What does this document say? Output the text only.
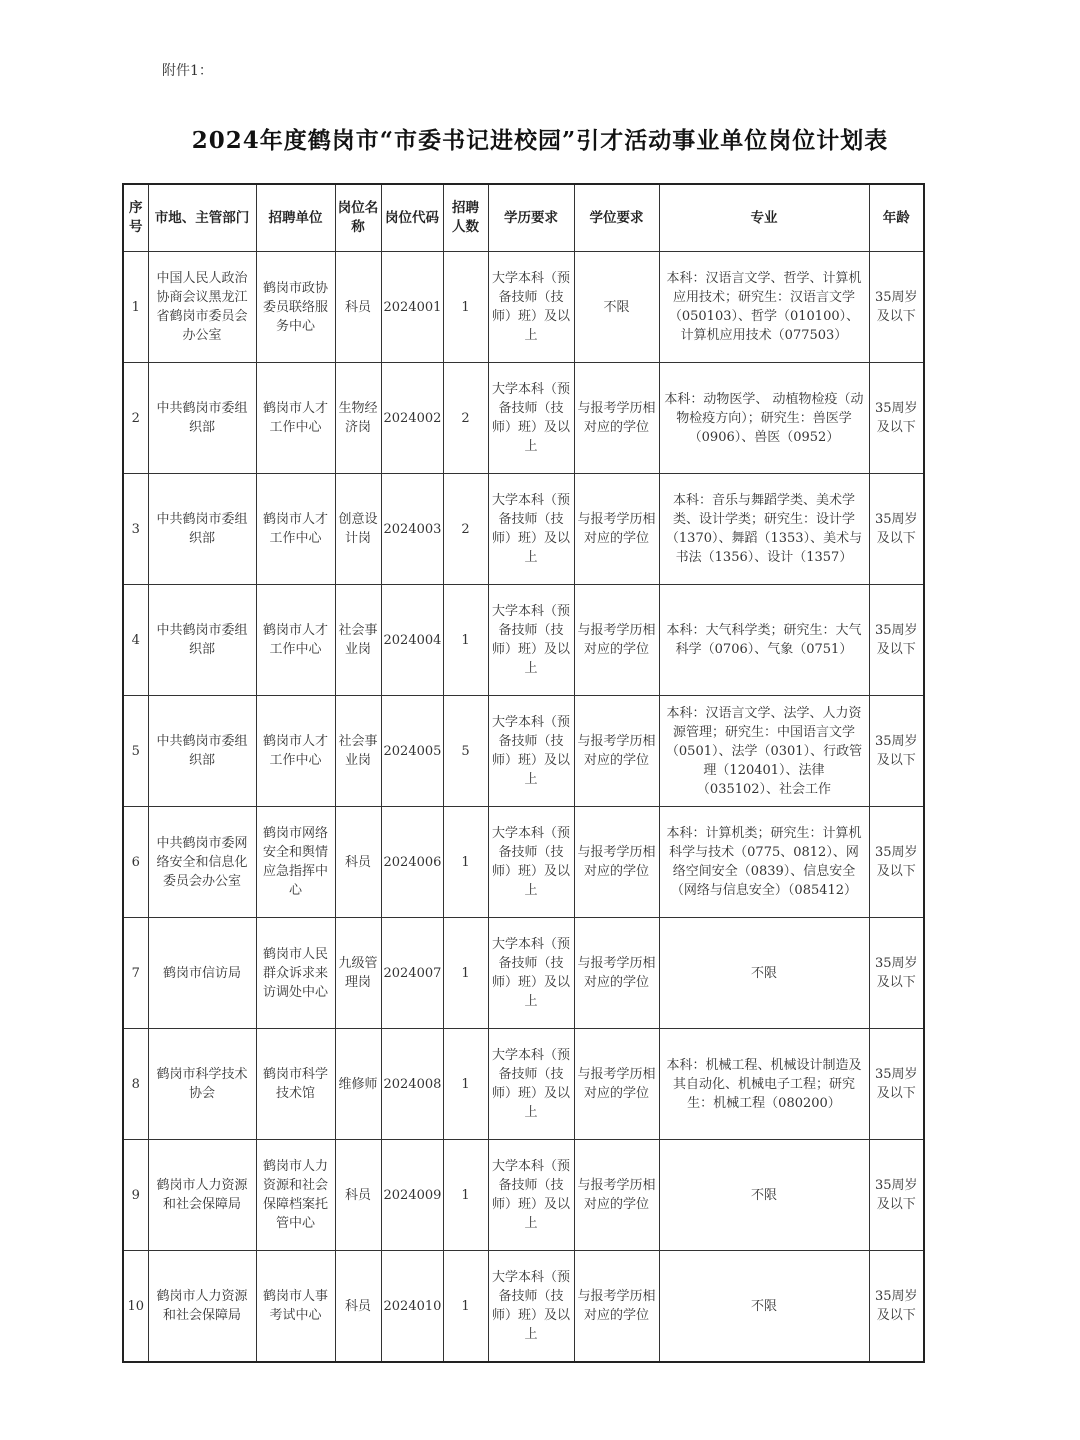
附件1：
2024年度鹤岗市“市委书记进校园”引才活动事业单位岗位计划表
序号	市地、主管部门	招聘单位	岗位名称	岗位代码	招聘人数	学历要求	学位要求	专业	年龄
1	中国人民人政治协商会议黑龙江省鹤岗市委员会办公室	鹤岗市政协委员联络服务中心	科员	2024001	1	大学本科（预备技师（技师）班）及以上	不限	本科：汉语言文学、哲学、计算机应用技术；研究生：汉语言文学（050103）、哲学（010100）、计算机应用技术（077503）	35周岁及以下
2	中共鹤岗市委组织部	鹤岗市人才工作中心	生物经济岗	2024002	2	大学本科（预备技师（技师）班）及以上	与报考学历相对应的学位	本科：动物医学、 动植物检疫（动物检疫方向）；研究生：兽医学（0906）、兽医（0952）	35周岁及以下
3	中共鹤岗市委组织部	鹤岗市人才工作中心	创意设计岗	2024003	2	大学本科（预备技师（技师）班）及以上	与报考学历相对应的学位	本科：音乐与舞蹈学类、美术学类、设计学类；研究生：设计学（1370）、舞蹈（1353）、美术与书法（1356）、设计（1357）	35周岁及以下
4	中共鹤岗市委组织部	鹤岗市人才工作中心	社会事业岗	2024004	1	大学本科（预备技师（技师）班）及以上	与报考学历相对应的学位	本科：大气科学类；研究生：大气科学（0706）、气象（0751）	35周岁及以下
5	中共鹤岗市委组织部	鹤岗市人才工作中心	社会事业岗	2024005	5	大学本科（预备技师（技师）班）及以上	与报考学历相对应的学位	本科：汉语言文学、法学、人力资源管理；研究生：中国语言文学（0501）、法学（0301）、行政管理（120401）、法律（035102）、社会工作	35周岁及以下
6	中共鹤岗市委网络安全和信息化委员会办公室	鹤岗市网络安全和舆情应急指挥中心	科员	2024006	1	大学本科（预备技师（技师）班）及以上	与报考学历相对应的学位	本科：计算机类；研究生：计算机科学与技术（0775、0812）、网络空间安全（0839）、信息安全（网络与信息安全）（085412）	35周岁及以下
7	鹤岗市信访局	鹤岗市人民群众诉求来访调处中心	九级管理岗	2024007	1	大学本科（预备技师（技师）班）及以上	与报考学历相对应的学位	不限	35周岁及以下
8	鹤岗市科学技术协会	鹤岗市科学技术馆	维修师	2024008	1	大学本科（预备技师（技师）班）及以上	与报考学历相对应的学位	本科：机械工程、机械设计制造及其自动化、机械电子工程；研究生：机械工程（080200）	35周岁及以下
9	鹤岗市人力资源和社会保障局	鹤岗市人力资源和社会保障档案托管中心	科员	2024009	1	大学本科（预备技师（技师）班）及以上	与报考学历相对应的学位	不限	35周岁及以下
10	鹤岗市人力资源和社会保障局	鹤岗市人事考试中心	科员	2024010	1	大学本科（预备技师（技师）班）及以上	与报考学历相对应的学位	不限	35周岁及以下
